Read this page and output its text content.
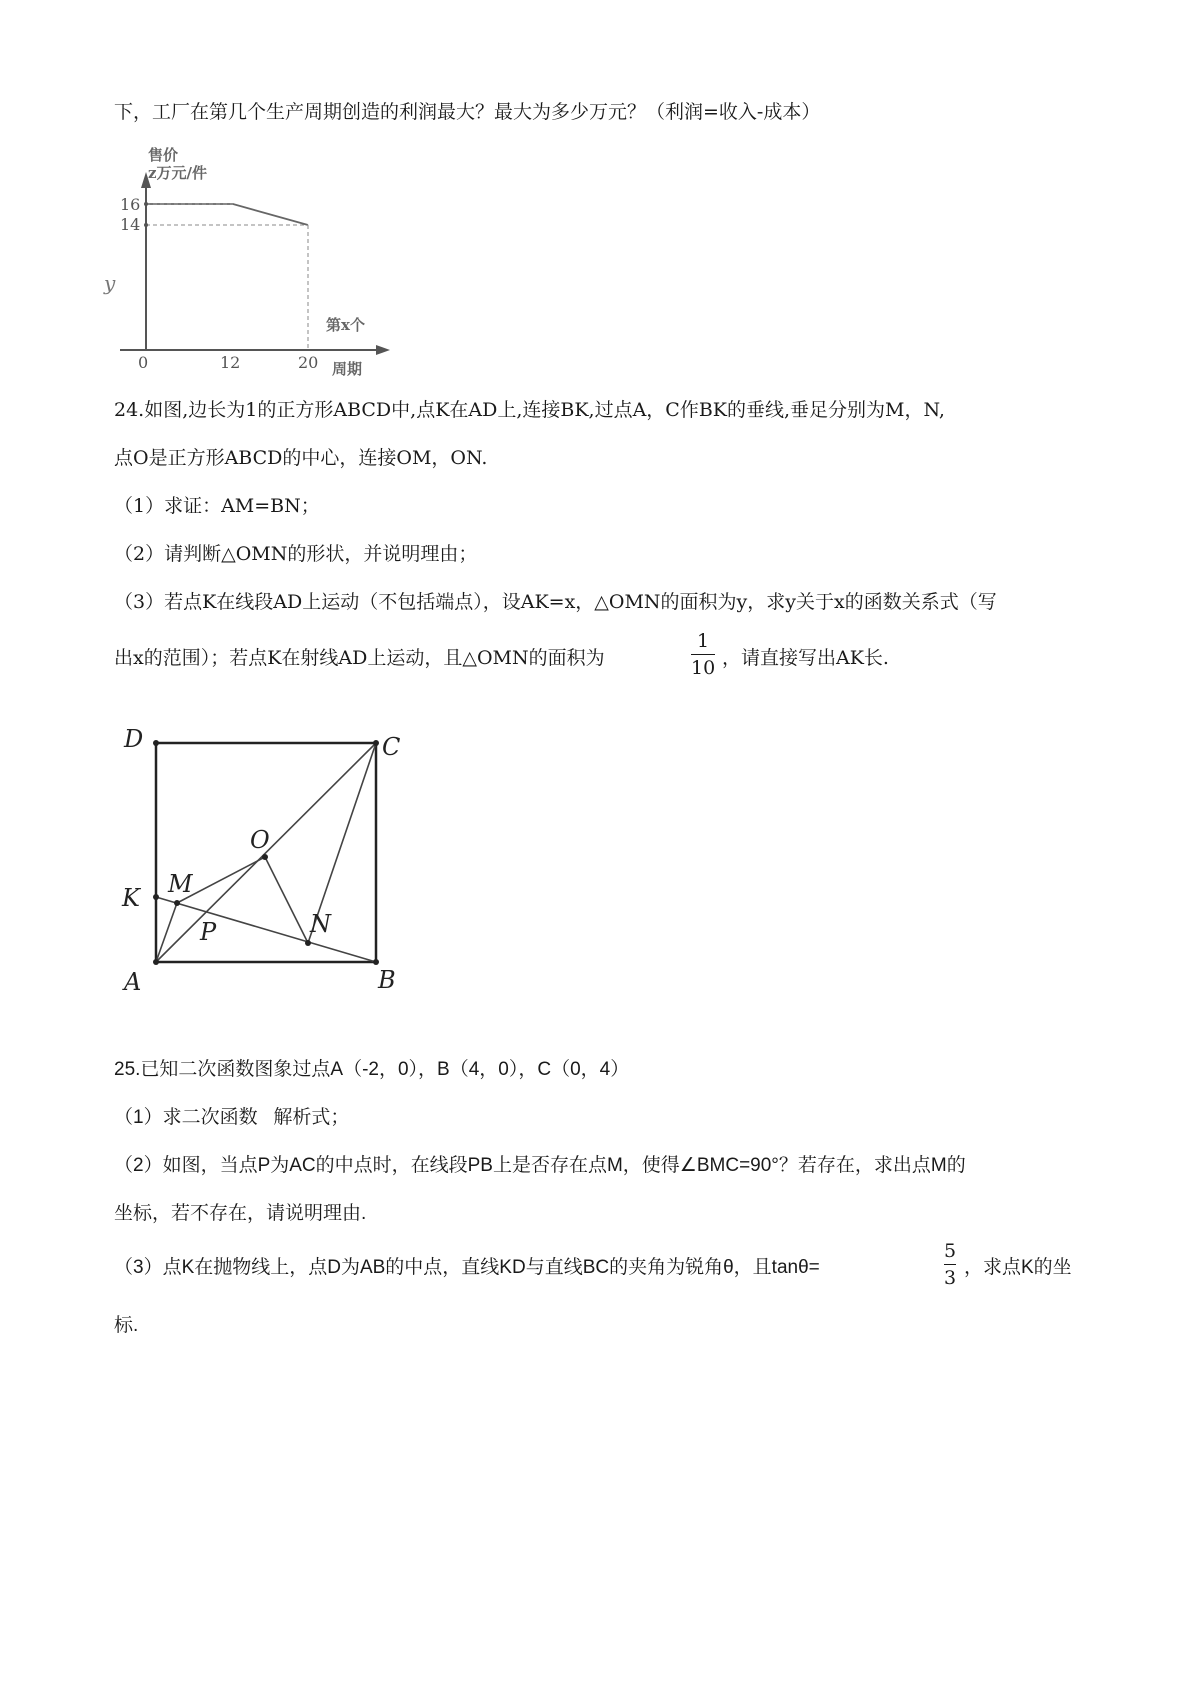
下，工厂在第几个生产周期创造的利润最大？最大为多少万元？（利润=收入-成本）
售价
z万元/件
16
14
0	12	20
第x个
周期
y
24.如图,边长为1的正方形ABCD中,点K在AD上,连接BK,过点A，C作BK的垂线,垂足分别为M，N,
点O是正方形ABCD的中心，连接OM，ON.
（1）求证：AM=BN；
（2）请判断△OMN的形状，并说明理由；
（3）若点K在线段AD上运动（不包括端点），设AK=x，△OMN的面积为y，求y关于x的函数关系式（写
出x的范围）；若点K在射线AD上运动，且△OMN的面积为
1
10 ，请直接写出AK长.
D	C
O
M
K
P	N
A	B
25.已知二次函数图象过点A（-2，0），B（4，0），C（0，4）
（1）求二次函数   解析式；
（2）如图，当点P为AC的中点时，在线段PB上是否存在点M，使得∠BMC=90°？若存在，求出点M的
坐标，若不存在，请说明理由.
（3）点K在抛物线上，点D为AB的中点，直线KD与直线BC的夹角为锐角θ，且tanθ=
5
3 ，求点K的坐
标.
